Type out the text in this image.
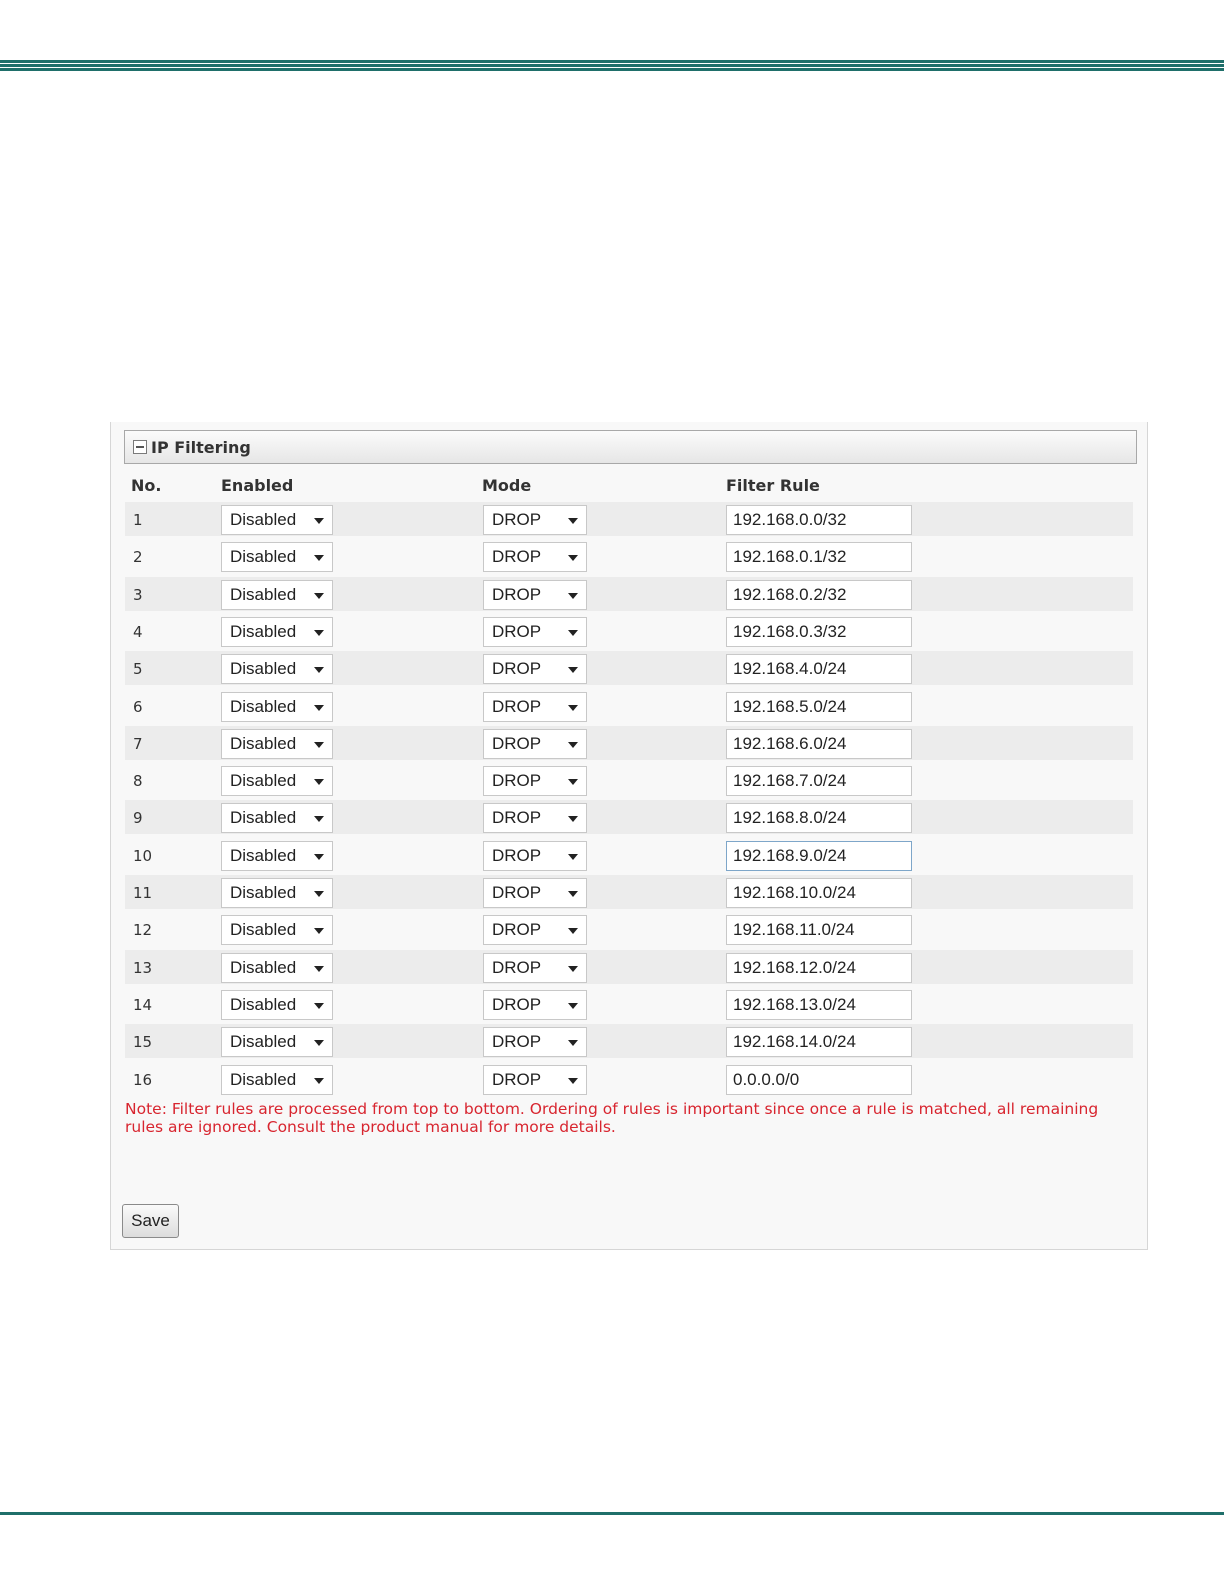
IP Filtering
No.	Enabled	Mode	Filter Rule
1	Disabled	DROP	192.168.0.0/32
2	Disabled	DROP	192.168.0.1/32
3	Disabled	DROP	192.168.0.2/32
4	Disabled	DROP	192.168.0.3/32
5	Disabled	DROP	192.168.4.0/24
6	Disabled	DROP	192.168.5.0/24
7	Disabled	DROP	192.168.6.0/24
8	Disabled	DROP	192.168.7.0/24
9	Disabled	DROP	192.168.8.0/24
10	Disabled	DROP	192.168.9.0/24
11	Disabled	DROP	192.168.10.0/24
12	Disabled	DROP	192.168.11.0/24
13	Disabled	DROP	192.168.12.0/24
14	Disabled	DROP	192.168.13.0/24
15	Disabled	DROP	192.168.14.0/24
16	Disabled	DROP	0.0.0.0/0
Note: Filter rules are processed from top to bottom. Ordering of rules is important since once a rule is matched, all remaining rules are ignored. Consult the product manual for more details.
Save
